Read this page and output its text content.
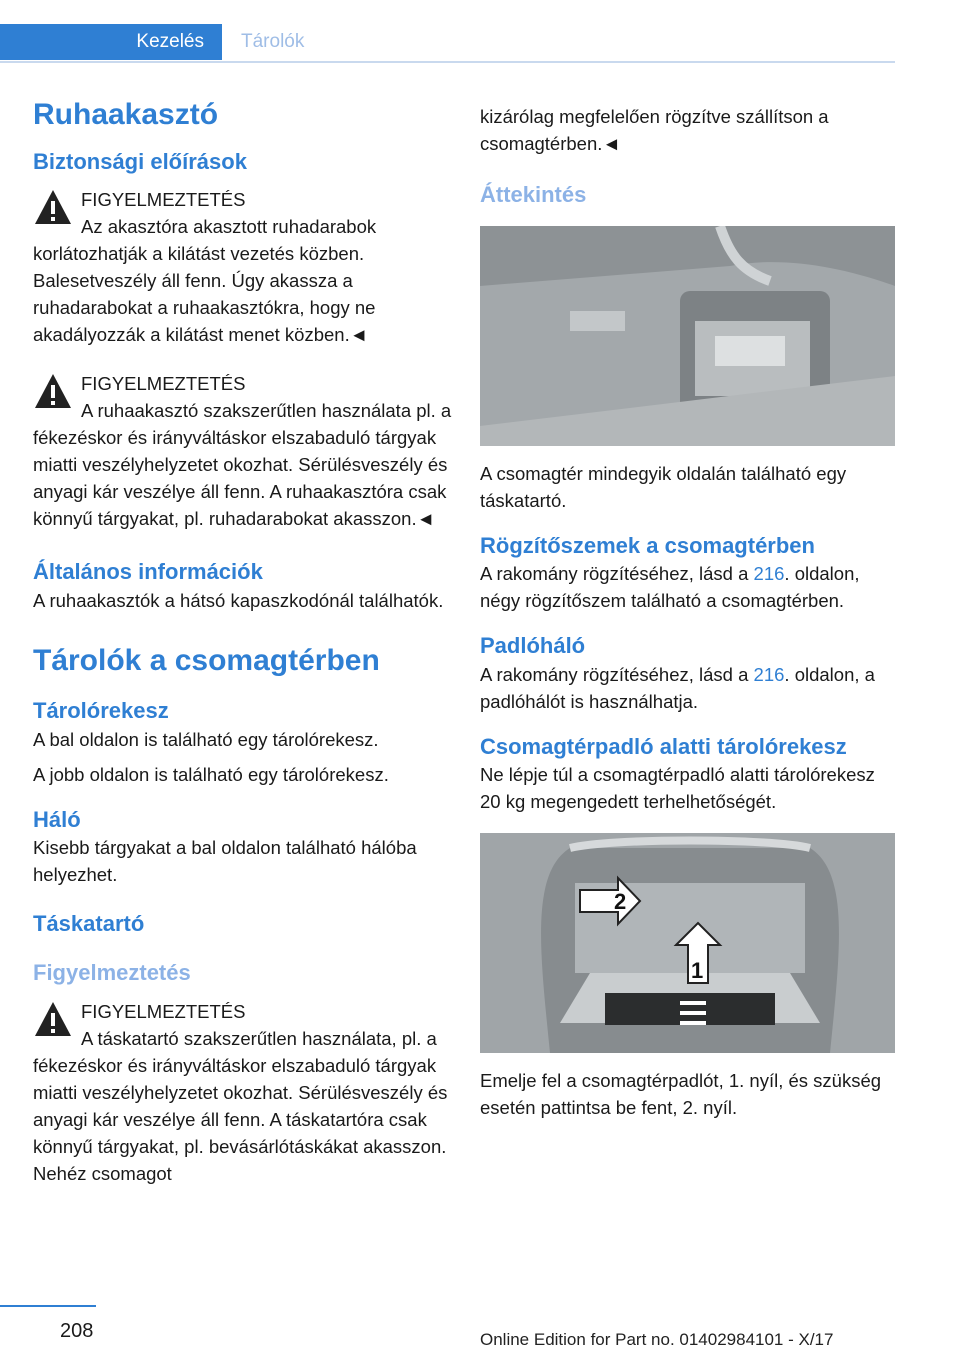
Kezelés	Tárolók
Ruhaakasztó
Biztonsági előírások

FIGYELMEZTETÉS

Az akasztóra akasztott ruhadarabok korlátozhatják a kilátást vezetés közben. Balesetveszély áll fenn. Úgy akassza a ruhadarabokat a ruhaakasztókra, hogy ne akadályozzák a kilátást menet közben.◄

FIGYELMEZTETÉS

A ruhaakasztó szakszerűtlen használata pl. a fékezéskor és irányváltáskor elszabaduló tárgyak miatti veszélyhelyzetet okozhat. Sérülésveszély és anyagi kár veszélye áll fenn. A ruhaakasztóra csak könnyű tárgyakat, pl. ruhadarabokat akasszon.◄

Általános információk

A ruhaakasztók a hátsó kapaszkodónál találhatók.

Tárolók a csomagtérben
Tárolórekesz

A bal oldalon is található egy tárolórekesz.

A jobb oldalon is található egy tárolórekesz.

Háló

Kisebb tárgyakat a bal oldalon található hálóba helyezhet.

Táskatartó
Figyelmeztetés

FIGYELMEZTETÉS

A táskatartó szakszerűtlen használata, pl. a fékezéskor és irányváltáskor elszabaduló tárgyak miatti veszélyhelyzetet okozhat. Sérülésveszély és anyagi kár veszélye áll fenn. A táskatartóra csak könnyű tárgyakat, pl. bevásárlótáskákat akasszon. Nehéz csomagot

kizárólag megfelelően rögzítve szállítson a csomagtérben.◄

Áttekintés

A csomagtér mindegyik oldalán található egy táskatartó.

Rögzítőszemek a csomagtérben

A rakomány rögzítéséhez, lásd a 216. oldalon, négy rögzítőszem található a csomagtérben.

Padlóháló

A rakomány rögzítéséhez, lásd a 216. oldalon, a padlóhálót is használhatja.

Csomagtérpadló alatti tárolórekesz

Ne lépje túl a csomagtérpadló alatti tárolórekesz 20 kg megengedett terhelhetőségét.

2
1

Emelje fel a csomagtérpadlót, 1. nyíl, és szükség esetén pattintsa be fent, 2. nyíl.

208	Online Edition for Part no. 01402984101 - X/17
